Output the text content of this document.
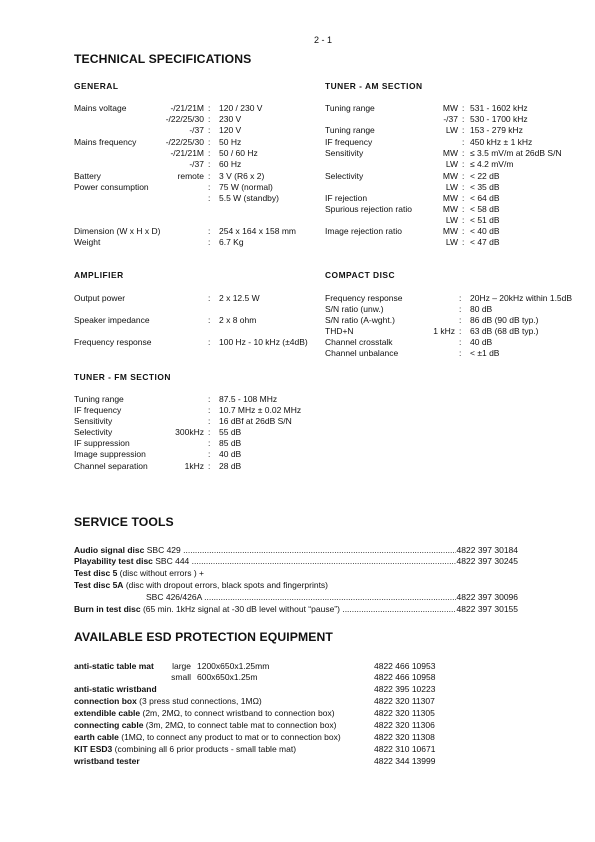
2 - 1
TECHNICAL SPECIFICATIONS
GENERAL
Mains voltage	-/21/21M : 120 / 230 V
-/22/25/30 : 230 V
-/37 : 120 V
Mains frequency	-/22/25/30 : 50 Hz
-/21/21M : 50 / 60 Hz
-/37 : 60 Hz
Battery	remote : 3 V (R6 x 2)
Power consumption	: 75 W (normal)
: 5.5 W (standby)
Dimension (W x H x D)	: 254 x 164 x 158 mm
Weight	: 6.7 Kg
AMPLIFIER
Output power	: 2 x 12.5 W
Speaker impedance	: 2 x 8 ohm
Frequency response	: 100 Hz - 10 kHz (±4dB)
TUNER - FM SECTION
Tuning range	: 87.5 - 108 MHz
IF frequency	: 10.7 MHz ± 0.02 MHz
Sensitivity	: 16 dBf at 26dB S/N
Selectivity	300kHz : 55 dB
IF suppression	: 85 dB
Image suppression	: 40 dB
Channel separation	1kHz : 28 dB
TUNER - AM SECTION
Tuning range	MW : 531 - 1602 kHz
-/37 : 530 - 1700 kHz
Tuning range	LW : 153 - 279 kHz
IF frequency	: 450 kHz ± 1 kHz
Sensitivity	MW : ≤ 3.5 mV/m at 26dB S/N
LW : ≤ 4.2 mV/m
Selectivity	MW : < 22 dB
LW : < 35 dB
IF rejection	MW : < 64 dB
Spurious rejection ratio	MW : < 58 dB
LW : < 51 dB
Image rejection ratio	MW : < 40 dB
LW : < 47 dB
COMPACT DISC
Frequency response	: 20Hz – 20kHz within 1.5dB
S/N ratio (unw.)	: 80 dB
S/N ratio (A-wght.)	: 86 dB (90 dB typ.)
THD+N	1 kHz : 63 dB (68 dB typ.)
Channel crosstalk	: 40 dB
Channel unbalance	: < ±1 dB
SERVICE TOOLS
Audio signal disc SBC 429 .....	4822 397 30184
Playability test disc SBC 444 .....	4822 397 30245
Test disc 5 (disc without errors ) +
Test disc 5A (disc with dropout errors, black spots and fingerprints)
SBC 426/426A .....	4822 397 30096
Burn in test disc (65 min. 1kHz signal at -30 dB level without “pause”) .....	4822 397 30155
AVAILABLE ESD PROTECTION EQUIPMENT
anti-static table mat	large 1200x650x1.25mm	4822 466 10953
small 600x650x1.25m	4822 466 10958
anti-static wristband	4822 395 10223
connection box (3 press stud connections, 1MΩ)	4822 320 11307
extendible cable (2m, 2MΩ, to connect wristband to connection box)	4822 320 11305
connecting cable (3m, 2MΩ, to connect table mat to connection box)	4822 320 11306
earth cable (1MΩ, to connect any product to mat or to connection box)	4822 320 11308
KIT ESD3 (combining all 6 prior products - small table mat)	4822 310 10671
wristband tester	4822 344 13999
